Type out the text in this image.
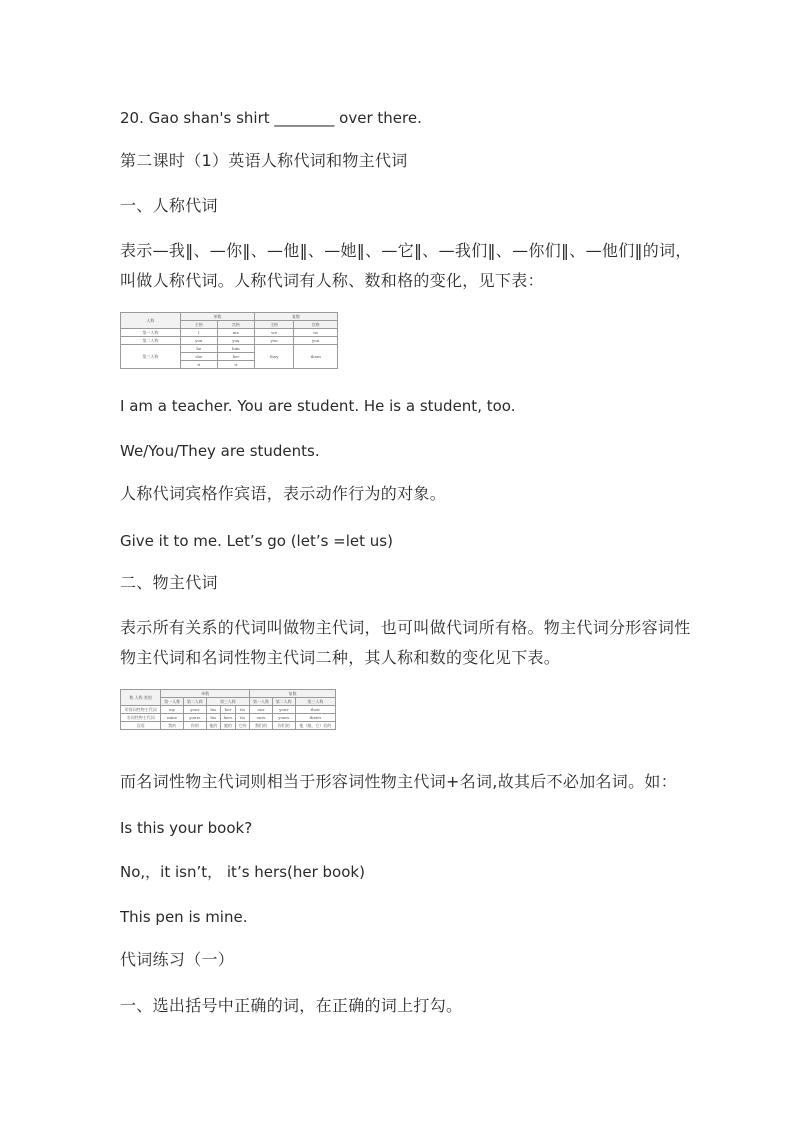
20. Gao shan's shirt ________ over there.
第二课时（1）英语人称代词和物主代词
一、人称代词
表示—我‖、—你‖、—他‖、—她‖、—它‖、—我们‖、—你们‖、—他们‖的词，
叫做人称代词。人称代词有人称、数和格的变化，见下表：
人称	单数		复数	
	主格	宾格	主格	宾格
第一人称	I	me	we	us
第二人称	you	you	you	you
第三人称	he	him	they	them
	she	her		
	it	it		
I am a teacher. You are student. He is a student, too.
We/You/They are students.
人称代词宾格作宾语，表示动作行为的对象。
Give it to me. Let’s go (let’s =let us)
二、物主代词
表示所有关系的代词叫做物主代词，也可叫做代词所有格。物主代词分形容词性
物主代词和名词性物主代词二种，其人称和数的变化见下表。
数 人称 类别	单数					复数		
	第一人称	第二人称	第三人称			第一人称	第二人称	第三人称
形容词性物主代词	my	your	his	her	its	our	your	their
名词性物主代词	mine	yours	his	hers	its	ours	yours	theirs
汉语	我的	你的	他的	她的	它的	我们的	你们的	他（她、它）们的
而名词性物主代词则相当于形容词性物主代词+名词,故其后不必加名词。如：
Is this your book?
No,，it isn’t， it’s hers(her book)
This pen is mine.
代词练习（一）
一、选出括号中正确的词，在正确的词上打勾。
